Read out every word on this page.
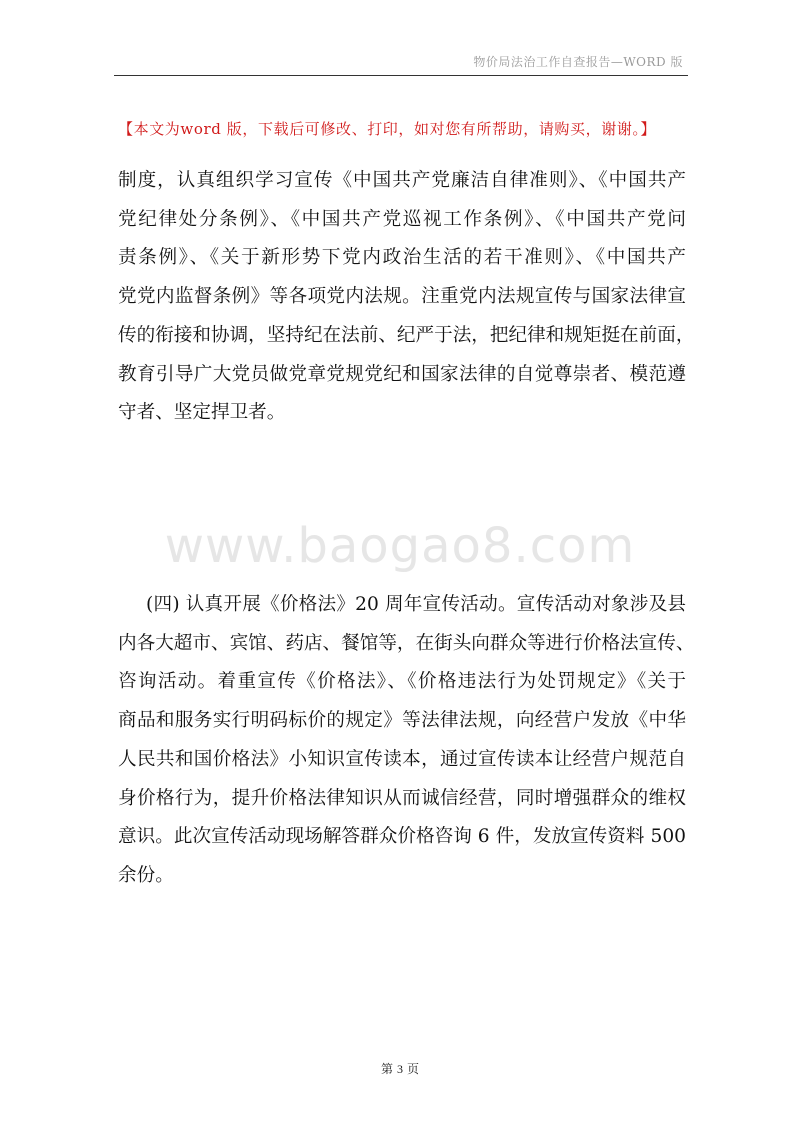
物价局法治工作自查报告—WORD 版
【本文为word 版，下载后可修改、打印，如对您有所帮助，请购买，谢谢。】
制度，认真组织学习宣传《中国共产党廉洁自律准则》、《中国共产
党纪律处分条例》、《中国共产党巡视工作条例》、《中国共产党问
责条例》、《关于新形势下党内政治生活的若干准则》、《中国共产
党党内监督条例》等各项党内法规。注重党内法规宣传与国家法律宣
传的衔接和协调，坚持纪在法前、纪严于法，把纪律和规矩挺在前面，
教育引导广大党员做党章党规党纪和国家法律的自觉尊崇者、模范遵
守者、坚定捍卫者。
www.baogao8.com
(四) 认真开展《价格法》20 周年宣传活动。宣传活动对象涉及县
内各大超市、宾馆、药店、餐馆等，在街头向群众等进行价格法宣传、
咨询活动。着重宣传《价格法》、《价格违法行为处罚规定》《关于
商品和服务实行明码标价的规定》等法律法规，向经营户发放《中华
人民共和国价格法》小知识宣传读本，通过宣传读本让经营户规范自
身价格行为，提升价格法律知识从而诚信经营，同时增强群众的维权
意识。此次宣传活动现场解答群众价格咨询 6 件，发放宣传资料 500
余份。
第 3 页
